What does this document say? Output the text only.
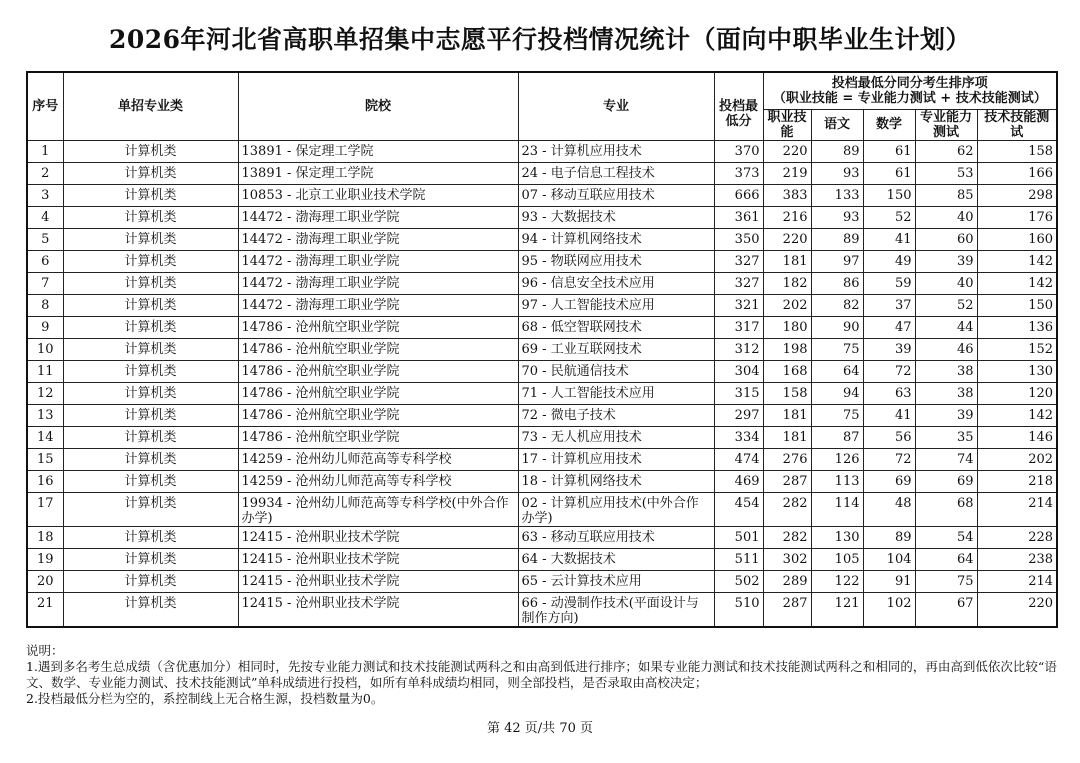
2026年河北省高职单招集中志愿平行投档情况统计（面向中职毕业生计划）
序号	单招专业类	院校	专业	投档最低分	投档最低分同分考生排序项
（职业技能 = 专业能力测试 + 技术技能测试）				

					职业技能	语文	数学	专业能力测试	技术技能测试
1	计算机类	13891 - 保定理工学院	23 - 计算机应用技术	370	220	89	61	62	158
2	计算机类	13891 - 保定理工学院	24 - 电子信息工程技术	373	219	93	61	53	166
3	计算机类	10853 - 北京工业职业技术学院	07 - 移动互联应用技术	666	383	133	150	85	298
4	计算机类	14472 - 渤海理工职业学院	93 - 大数据技术	361	216	93	52	40	176
5	计算机类	14472 - 渤海理工职业学院	94 - 计算机网络技术	350	220	89	41	60	160
6	计算机类	14472 - 渤海理工职业学院	95 - 物联网应用技术	327	181	97	49	39	142
7	计算机类	14472 - 渤海理工职业学院	96 - 信息安全技术应用	327	182	86	59	40	142
8	计算机类	14472 - 渤海理工职业学院	97 - 人工智能技术应用	321	202	82	37	52	150
9	计算机类	14786 - 沧州航空职业学院	68 - 低空智联网技术	317	180	90	47	44	136
10	计算机类	14786 - 沧州航空职业学院	69 - 工业互联网技术	312	198	75	39	46	152
11	计算机类	14786 - 沧州航空职业学院	70 - 民航通信技术	304	168	64	72	38	130
12	计算机类	14786 - 沧州航空职业学院	71 - 人工智能技术应用	315	158	94	63	38	120
13	计算机类	14786 - 沧州航空职业学院	72 - 微电子技术	297	181	75	41	39	142
14	计算机类	14786 - 沧州航空职业学院	73 - 无人机应用技术	334	181	87	56	35	146
15	计算机类	14259 - 沧州幼儿师范高等专科学校	17 - 计算机应用技术	474	276	126	72	74	202
16	计算机类	14259 - 沧州幼儿师范高等专科学校	18 - 计算机网络技术	469	287	113	69	69	218
17	计算机类	19934 - 沧州幼儿师范高等专科学校(中外合作办学)	02 - 计算机应用技术(中外合作办学)	454	282	114	48	68	214
18	计算机类	12415 - 沧州职业技术学院	63 - 移动互联应用技术	501	282	130	89	54	228
19	计算机类	12415 - 沧州职业技术学院	64 - 大数据技术	511	302	105	104	64	238
20	计算机类	12415 - 沧州职业技术学院	65 - 云计算技术应用	502	289	122	91	75	214
21	计算机类	12415 - 沧州职业技术学院	66 - 动漫制作技术(平面设计与制作方向)	510	287	121	102	67	220
说明：
1.遇到多名考生总成绩（含优惠加分）相同时，先按专业能力测试和技术技能测试两科之和由高到低进行排序；如果专业能力测试和技术技能测试两科之和相同的，再由高到低依次比较“语文、数学、专业能力测试、技术技能测试”单科成绩进行投档，如所有单科成绩均相同，则全部投档，是否录取由高校决定；
2.投档最低分栏为空的，系控制线上无合格生源，投档数量为0。
第 42 页/共 70 页
